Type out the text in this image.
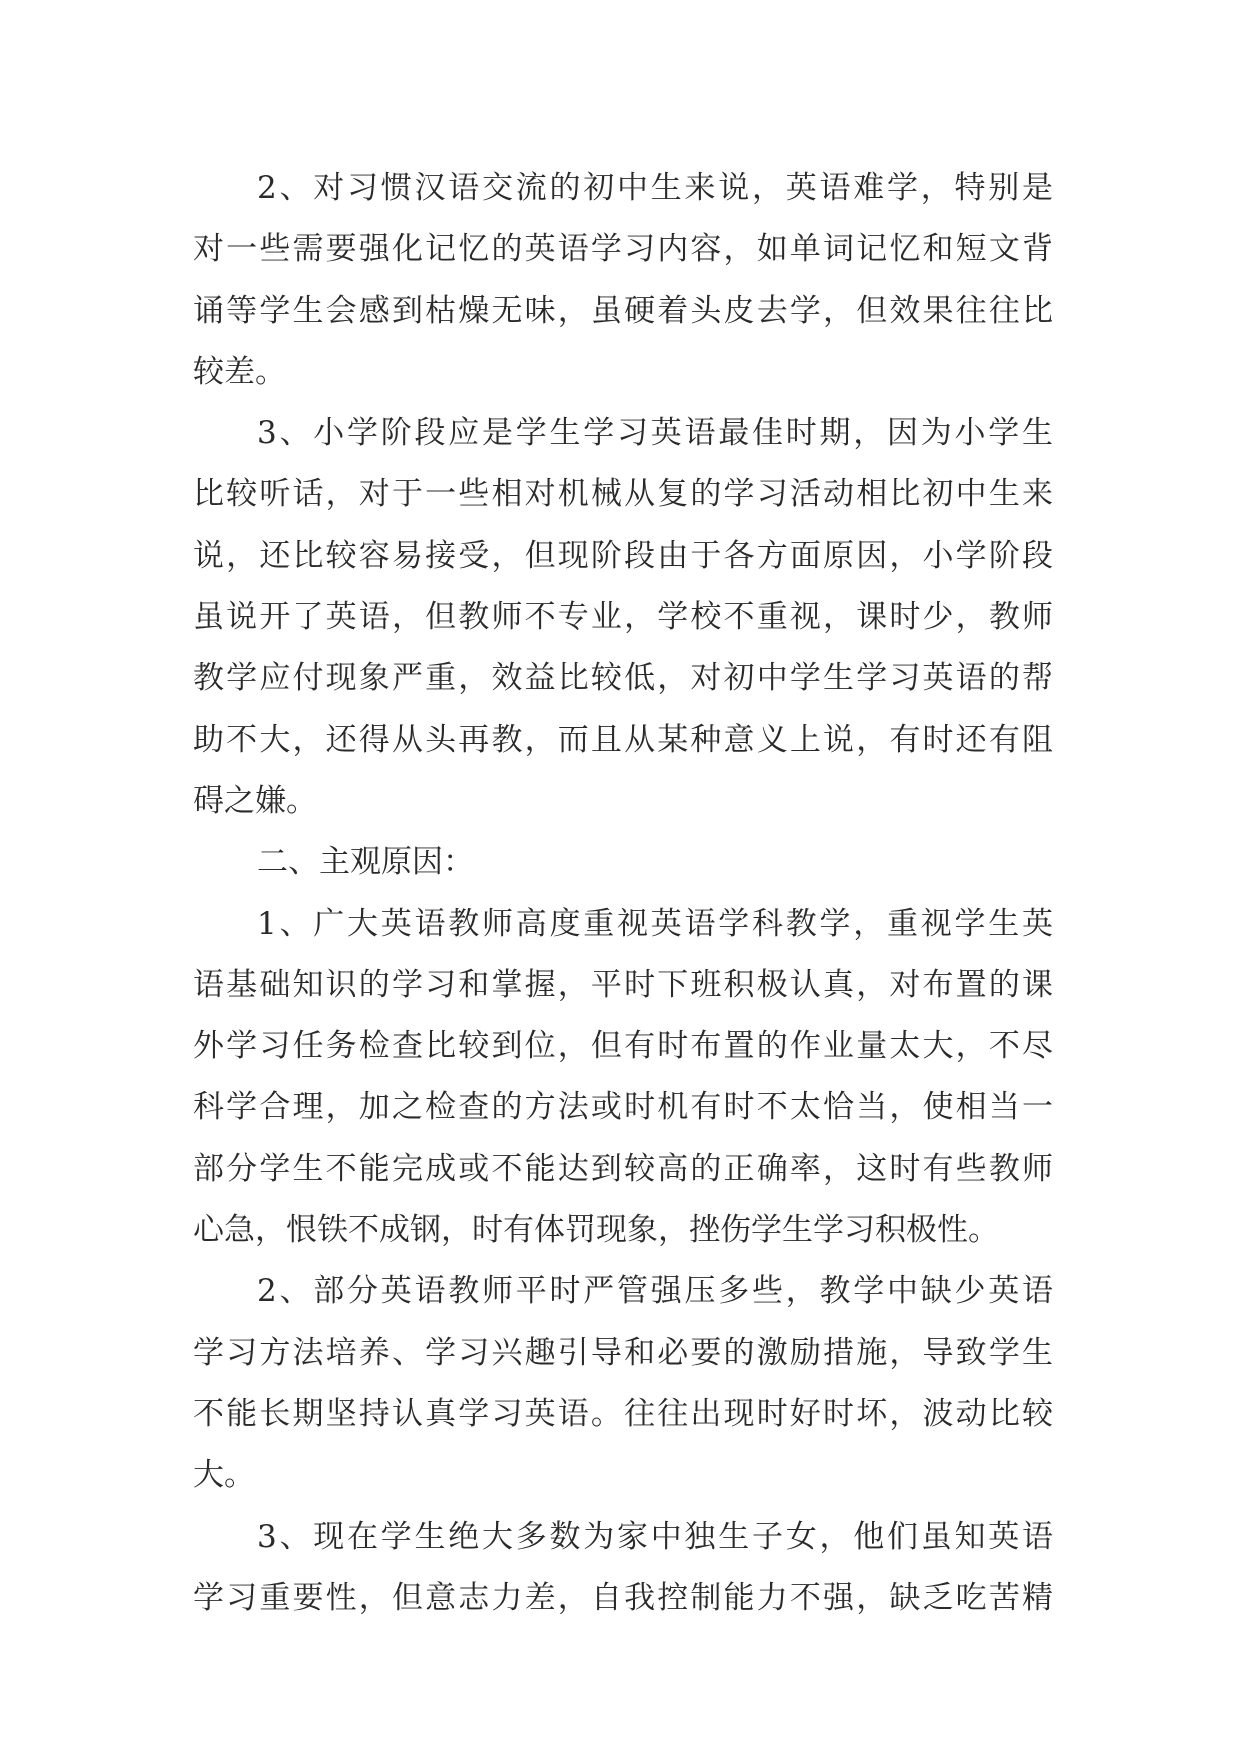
2、对习惯汉语交流的初中生来说，英语难学，特别是
对一些需要强化记忆的英语学习内容，如单词记忆和短文背
诵等学生会感到枯燥无味，虽硬着头皮去学，但效果往往比
较差。
3、小学阶段应是学生学习英语最佳时期，因为小学生
比较听话，对于一些相对机械从复的学习活动相比初中生来
说，还比较容易接受，但现阶段由于各方面原因，小学阶段
虽说开了英语，但教师不专业，学校不重视，课时少，教师
教学应付现象严重，效益比较低，对初中学生学习英语的帮
助不大，还得从头再教，而且从某种意义上说，有时还有阻
碍之嫌。
二、主观原因：
1、广大英语教师高度重视英语学科教学，重视学生英
语基础知识的学习和掌握，平时下班积极认真，对布置的课
外学习任务检查比较到位，但有时布置的作业量太大，不尽
科学合理，加之检查的方法或时机有时不太恰当，使相当一
部分学生不能完成或不能达到较高的正确率，这时有些教师
心急，恨铁不成钢，时有体罚现象，挫伤学生学习积极性。
2、部分英语教师平时严管强压多些，教学中缺少英语
学习方法培养、学习兴趣引导和必要的激励措施，导致学生
不能长期坚持认真学习英语。往往出现时好时坏，波动比较
大。
3、现在学生绝大多数为家中独生子女，他们虽知英语
学习重要性，但意志力差，自我控制能力不强，缺乏吃苦精
